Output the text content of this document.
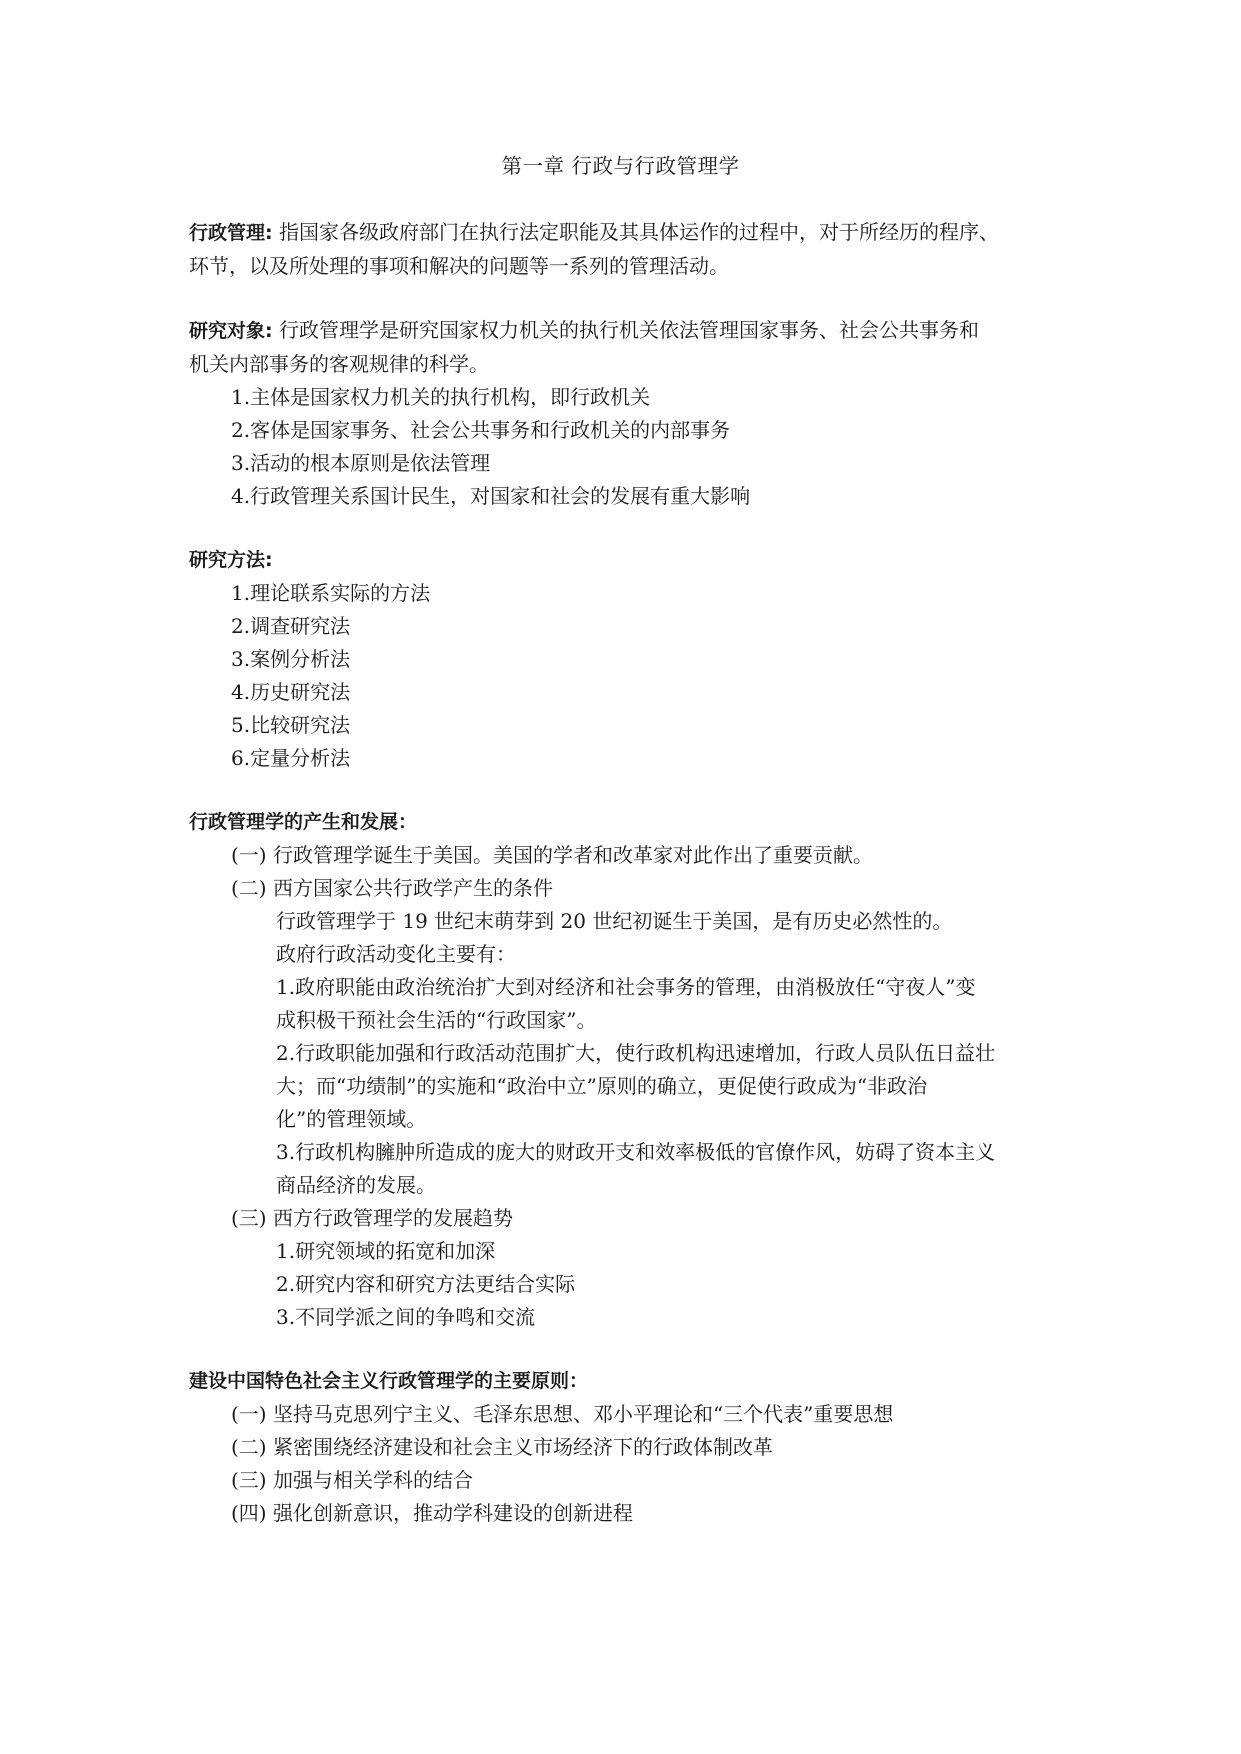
第一章 行政与行政管理学
行政管理: 指国家各级政府部门在执行法定职能及其具体运作的过程中，对于所经历的程序、
环节，以及所处理的事项和解决的问题等一系列的管理活动。
研究对象: 行政管理学是研究国家权力机关的执行机关依法管理国家事务、社会公共事务和
机关内部事务的客观规律的科学。
1.主体是国家权力机关的执行机构，即行政机关
2.客体是国家事务、社会公共事务和行政机关的内部事务
3.活动的根本原则是依法管理
4.行政管理关系国计民生，对国家和社会的发展有重大影响
研究方法:
1.理论联系实际的方法
2.调查研究法
3.案例分析法
4.历史研究法
5.比较研究法
6.定量分析法
行政管理学的产生和发展：
(一) 行政管理学诞生于美国。美国的学者和改革家对此作出了重要贡献。
(二) 西方国家公共行政学产生的条件
行政管理学于 19 世纪末萌芽到 20 世纪初诞生于美国，是有历史必然性的。
政府行政活动变化主要有：
1.政府职能由政治统治扩大到对经济和社会事务的管理，由消极放任“守夜人”变
成积极干预社会生活的“行政国家”。
2.行政职能加强和行政活动范围扩大，使行政机构迅速增加，行政人员队伍日益壮
大；而“功绩制”的实施和“政治中立”原则的确立，更促使行政成为“非政治
化”的管理领域。
3.行政机构臃肿所造成的庞大的财政开支和效率极低的官僚作风，妨碍了资本主义
商品经济的发展。
(三) 西方行政管理学的发展趋势
1.研究领域的拓宽和加深
2.研究内容和研究方法更结合实际
3.不同学派之间的争鸣和交流
建设中国特色社会主义行政管理学的主要原则：
(一) 坚持马克思列宁主义、毛泽东思想、邓小平理论和“三个代表”重要思想
(二) 紧密围绕经济建设和社会主义市场经济下的行政体制改革
(三) 加强与相关学科的结合
(四) 强化创新意识，推动学科建设的创新进程
